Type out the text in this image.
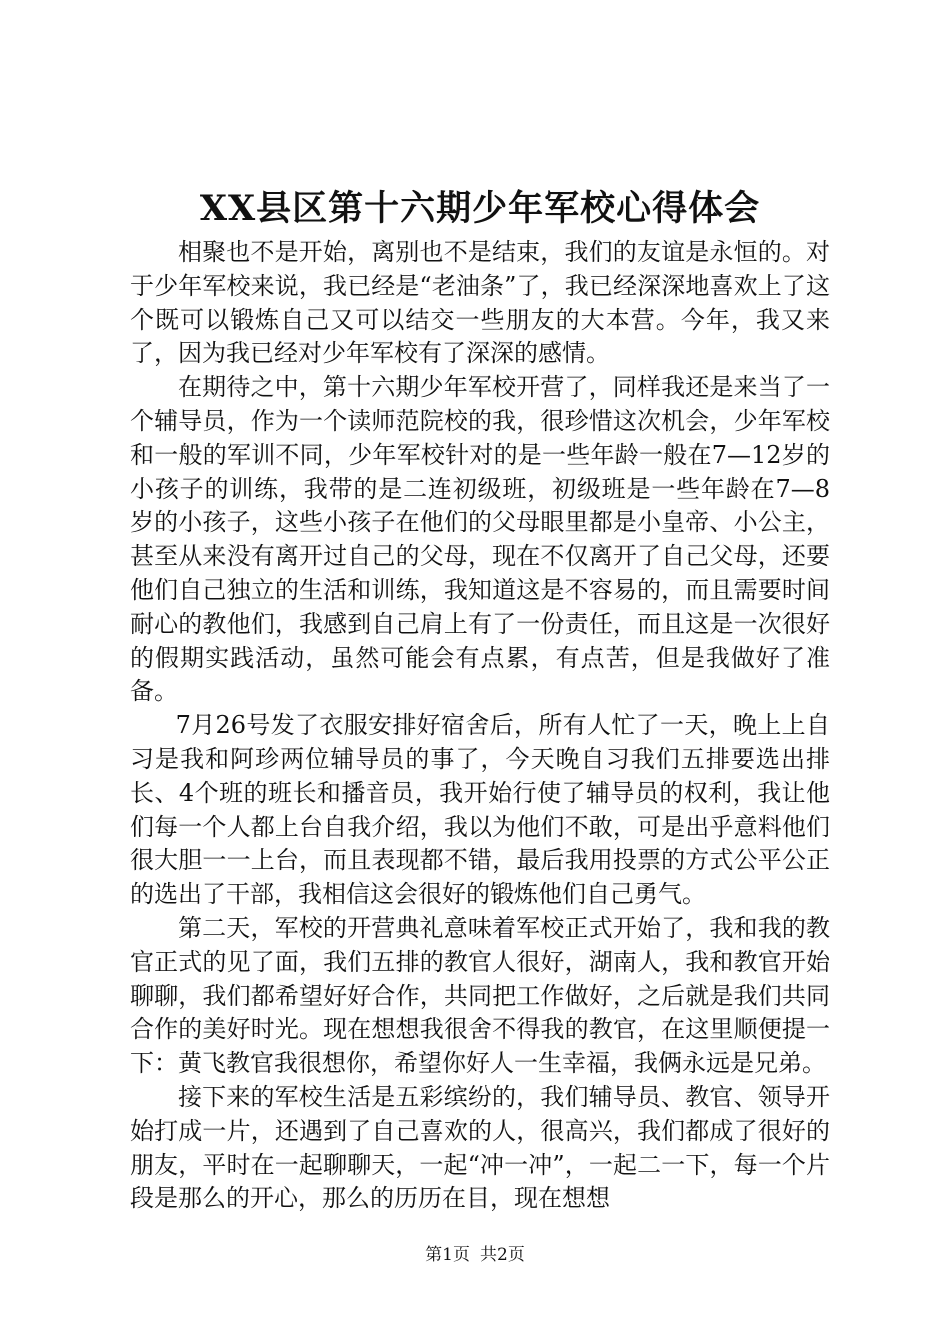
XX县区第十六期少年军校心得体会

相聚也不是开始，离别也不是结束，我们的友谊是永恒的。对于少年军校来说，我已经是“老油条”了，我已经深深地喜欢上了这个既可以锻炼自己又可以结交一些朋友的大本营。今年，我又来了，因为我已经对少年军校有了深深的感情。

在期待之中，第十六期少年军校开营了，同样我还是来当了一个辅导员，作为一个读师范院校的我，很珍惜这次机会，少年军校和一般的军训不同，少年军校针对的是一些年龄一般在7—12岁的小孩子的训练，我带的是二连初级班，初级班是一些年龄在7—8岁的小孩子，这些小孩子在他们的父母眼里都是小皇帝、小公主，甚至从来没有离开过自己的父母，现在不仅离开了自己父母，还要他们自己独立的生活和训练，我知道这是不容易的，而且需要时间耐心的教他们，我感到自己肩上有了一份责任，而且这是一次很好的假期实践活动，虽然可能会有点累，有点苦，但是我做好了准备。

7月26号发了衣服安排好宿舍后，所有人忙了一天，晚上上自习是我和阿珍两位辅导员的事了，今天晚自习我们五排要选出排长、4个班的班长和播音员，我开始行使了辅导员的权利，我让他们每一个人都上台自我介绍，我以为他们不敢，可是出乎意料他们很大胆一一上台，而且表现都不错，最后我用投票的方式公平公正的选出了干部，我相信这会很好的锻炼他们自己勇气。

第二天，军校的开营典礼意味着军校正式开始了，我和我的教官正式的见了面，我们五排的教官人很好，湖南人，我和教官开始聊聊，我们都希望好好合作，共同把工作做好，之后就是我们共同合作的美好时光。现在想想我很舍不得我的教官，在这里顺便提一下：黄飞教官我很想你，希望你好人一生幸福，我俩永远是兄弟。

接下来的军校生活是五彩缤纷的，我们辅导员、教官、领导开始打成一片，还遇到了自己喜欢的人，很高兴，我们都成了很好的朋友，平时在一起聊聊天，一起“冲一冲”，一起二一下，每一个片段是那么的开心，那么的历历在目，现在想想

第1页 共2页
